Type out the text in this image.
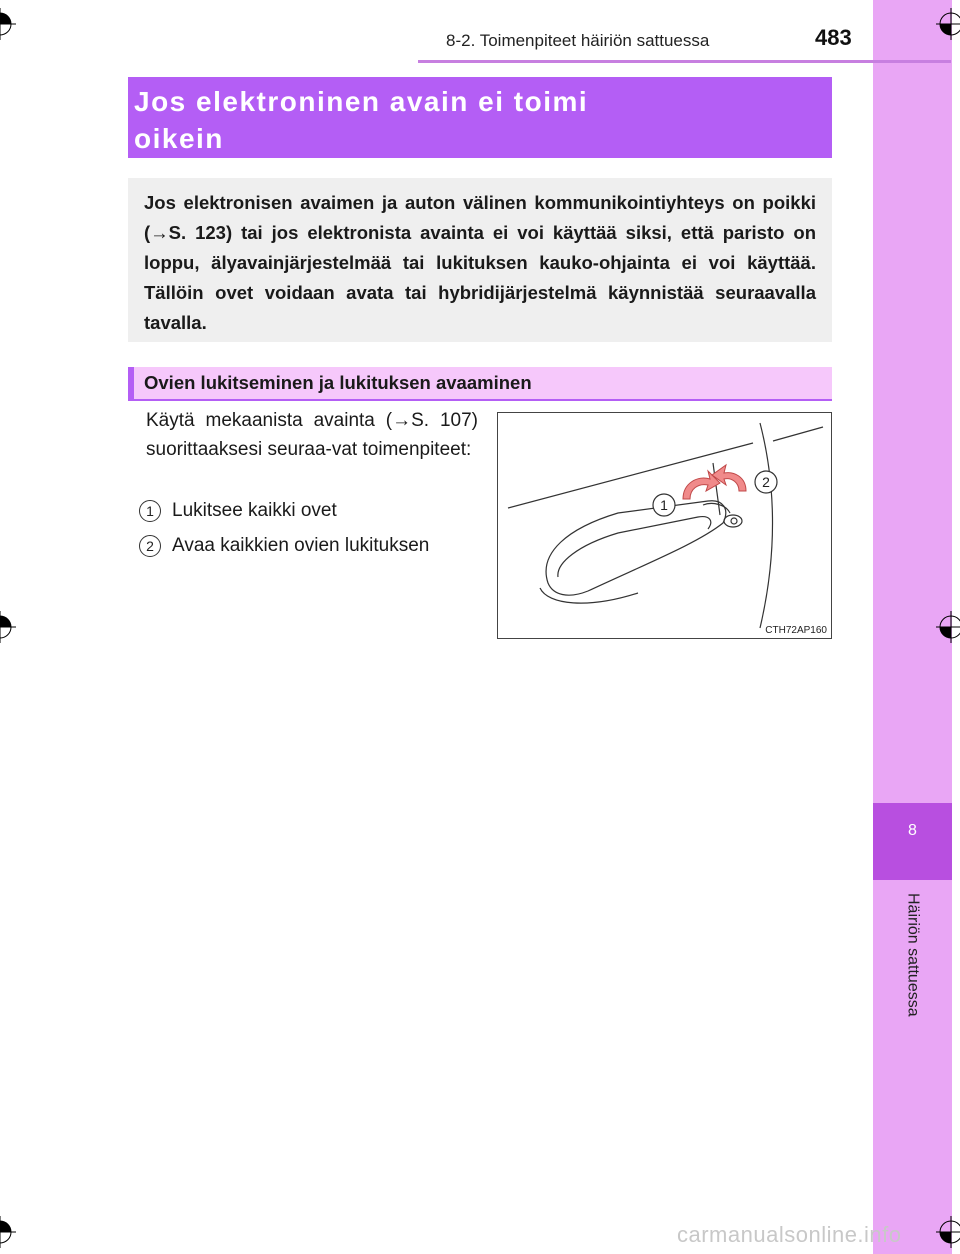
8
Häiriön sattuessa
8-2. Toimenpiteet häiriön sattuessa	483
Jos elektroninen avain ei toimi oikein

Jos elektronisen avaimen ja auton välinen kommunikointiyhteys on poikki (→S. 123) tai jos elektronista avainta ei voi käyttää siksi, että paristo on loppu, älyavainjärjestelmää tai lukituksen kauko-ohjainta ei voi käyttää. Tällöin ovet voidaan avata tai hybridijärjestelmä käynnistää seuraavalla tavalla.

Ovien lukitseminen ja lukituksen avaaminen

Käytä mekaanista avainta (→S. 107) suorittaaksesi seuraa-vat toimenpiteet:

1 Lukitsee kaikki ovet
2 Avaa kaikkien ovien lukituksen
1
2
CTH72AP160
carmanualsonline.info
